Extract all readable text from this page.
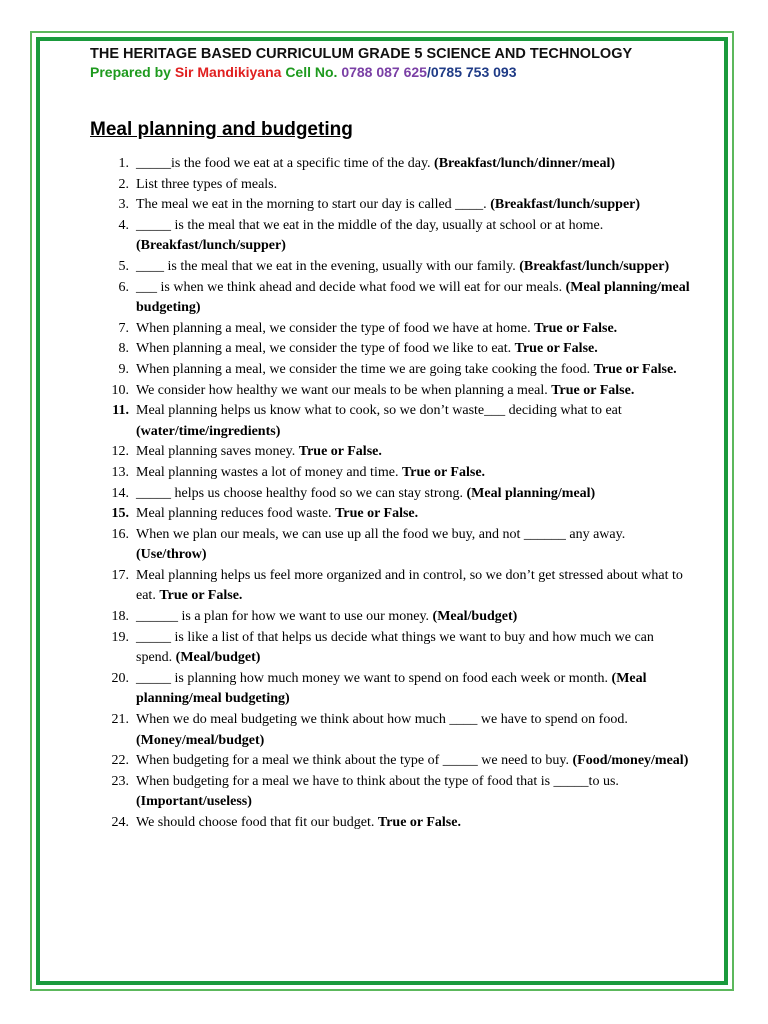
THE HERITAGE BASED CURRICULUM GRADE 5 SCIENCE AND TECHNOLOGY
Prepared by Sir Mandikiyana Cell No. 0788 087 625/0785 753 093
Meal planning and budgeting
1. _____is the food we eat at a specific time of the day. (Breakfast/lunch/dinner/meal)
2. List three types of meals.
3. The meal we eat in the morning to start our day is called ____. (Breakfast/lunch/supper)
4. _____ is the meal that we eat in the middle of the day, usually at school or at home. (Breakfast/lunch/supper)
5. ____ is the meal that we eat in the evening, usually with our family. (Breakfast/lunch/supper)
6. ___ is when we think ahead and decide what food we will eat for our meals. (Meal planning/meal budgeting)
7. When planning a meal, we consider the type of food we have at home. True or False.
8. When planning a meal, we consider the type of food we like to eat. True or False.
9. When planning a meal, we consider the time we are going take cooking the food. True or False.
10. We consider how healthy we want our meals to be when planning a meal. True or False.
11. Meal planning helps us know what to cook, so we don’t waste___ deciding what to eat (water/time/ingredients)
12. Meal planning saves money. True or False.
13. Meal planning wastes a lot of money and time. True or False.
14. _____ helps us choose healthy food so we can stay strong. (Meal planning/meal)
15. Meal planning reduces food waste. True or False.
16. When we plan our meals, we can use up all the food we buy, and not ______ any away. (Use/throw)
17. Meal planning helps us feel more organized and in control, so we don’t get stressed about what to eat. True or False.
18. ______ is a plan for how we want to use our money. (Meal/budget)
19. _____ is like a list of that helps us decide what things we want to buy and how much we can spend. (Meal/budget)
20. _____ is planning how much money we want to spend on food each week or month. (Meal planning/meal budgeting)
21. When we do meal budgeting we think about how much ____ we have to spend on food. (Money/meal/budget)
22. When budgeting for a meal we think about the type of _____ we need to buy. (Food/money/meal)
23. When budgeting for a meal we have to think about the type of food that is _____to us. (Important/useless)
24. We should choose food that fit our budget. True or False.
